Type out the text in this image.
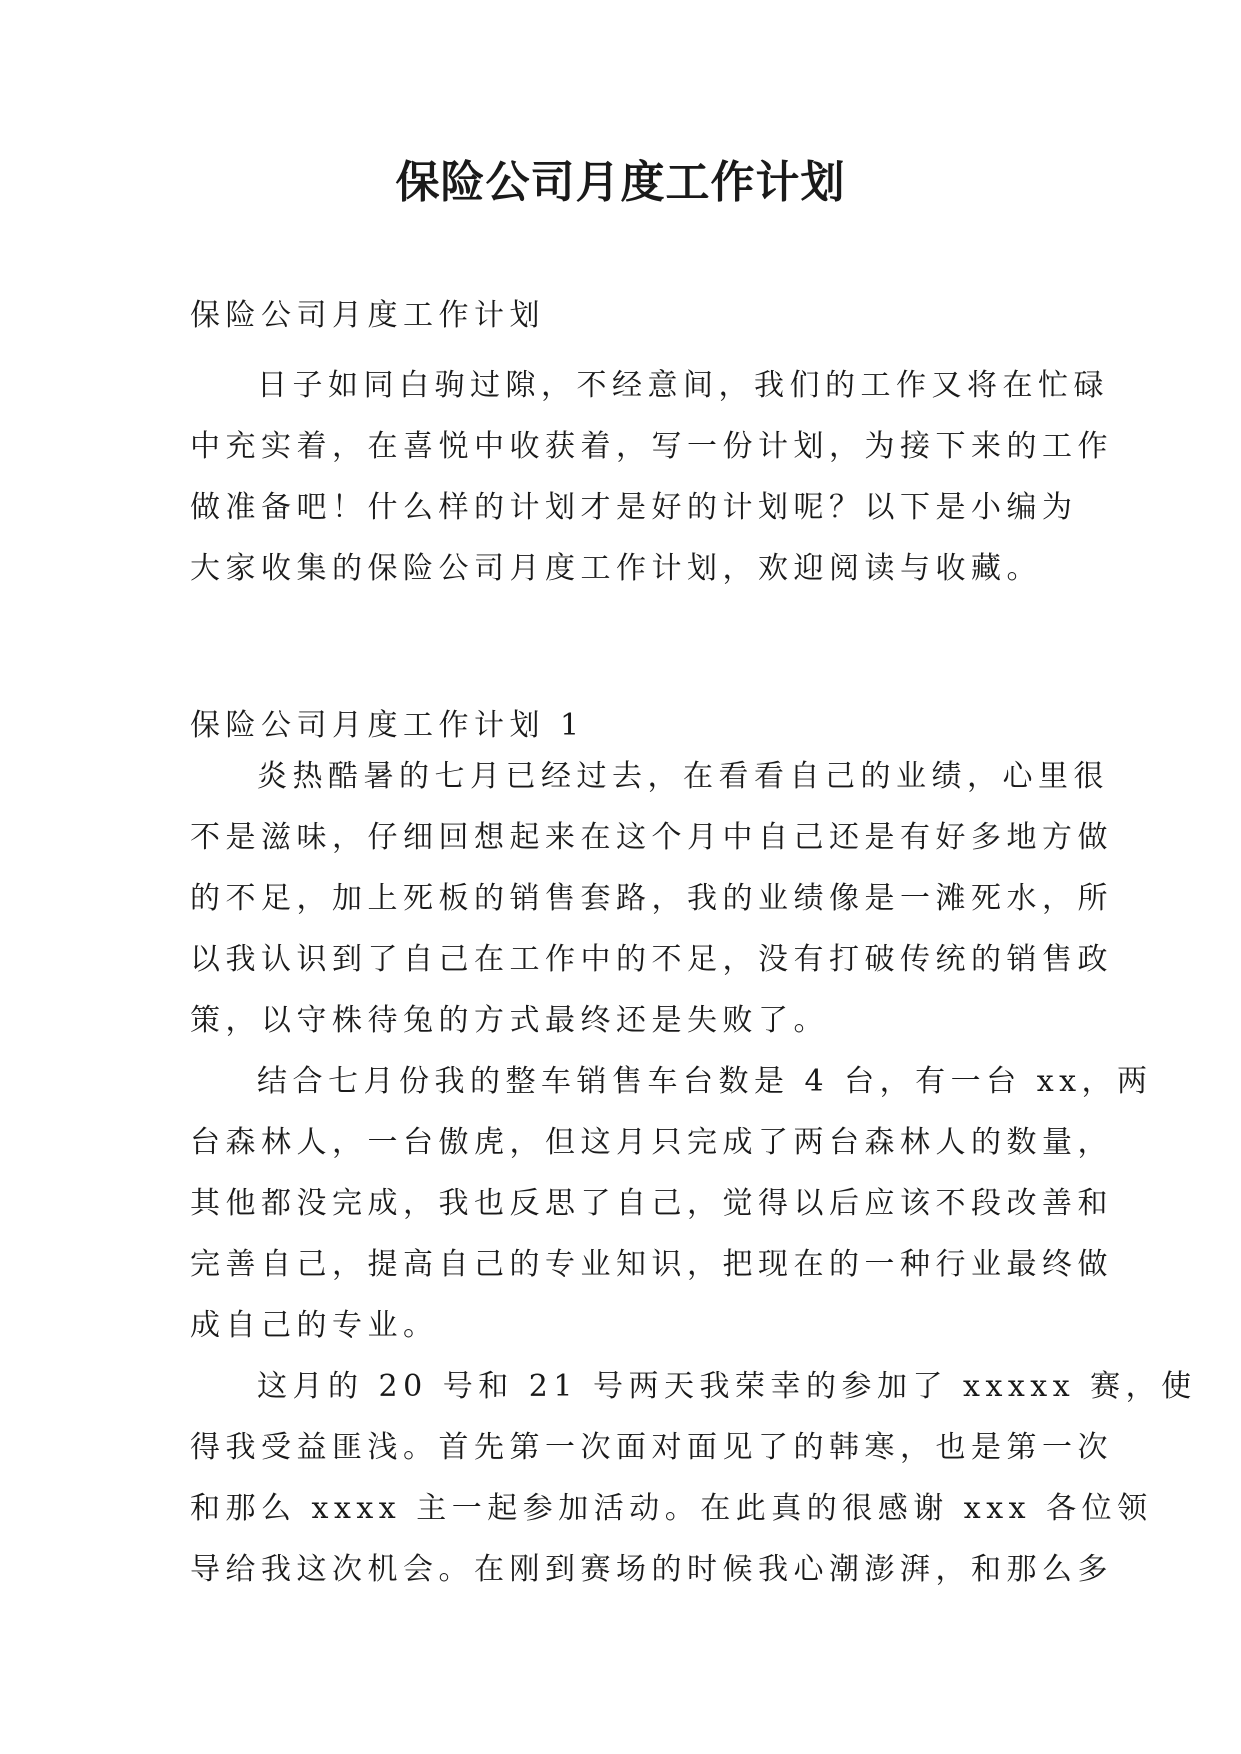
保险公司月度工作计划
保险公司月度工作计划
日子如同白驹过隙，不经意间，我们的工作又将在忙碌
中充实着，在喜悦中收获着，写一份计划，为接下来的工作
做准备吧！什么样的计划才是好的计划呢？以下是小编为
大家收集的保险公司月度工作计划，欢迎阅读与收藏。
保险公司月度工作计划 1
炎热酷暑的七月已经过去，在看看自己的业绩，心里很
不是滋味，仔细回想起来在这个月中自己还是有好多地方做
的不足，加上死板的销售套路，我的业绩像是一滩死水，所
以我认识到了自己在工作中的不足，没有打破传统的销售政
策，以守株待兔的方式最终还是失败了。
结合七月份我的整车销售车台数是 4 台，有一台 xx，两
台森林人，一台傲虎，但这月只完成了两台森林人的数量，
其他都没完成，我也反思了自己，觉得以后应该不段改善和
完善自己，提高自己的专业知识，把现在的一种行业最终做
成自己的专业。
这月的 20 号和 21 号两天我荣幸的参加了 xxxxx 赛，使
得我受益匪浅。首先第一次面对面见了的韩寒，也是第一次
和那么 xxxx 主一起参加活动。在此真的很感谢 xxx 各位领
导给我这次机会。在刚到赛场的时候我心潮澎湃，和那么多
